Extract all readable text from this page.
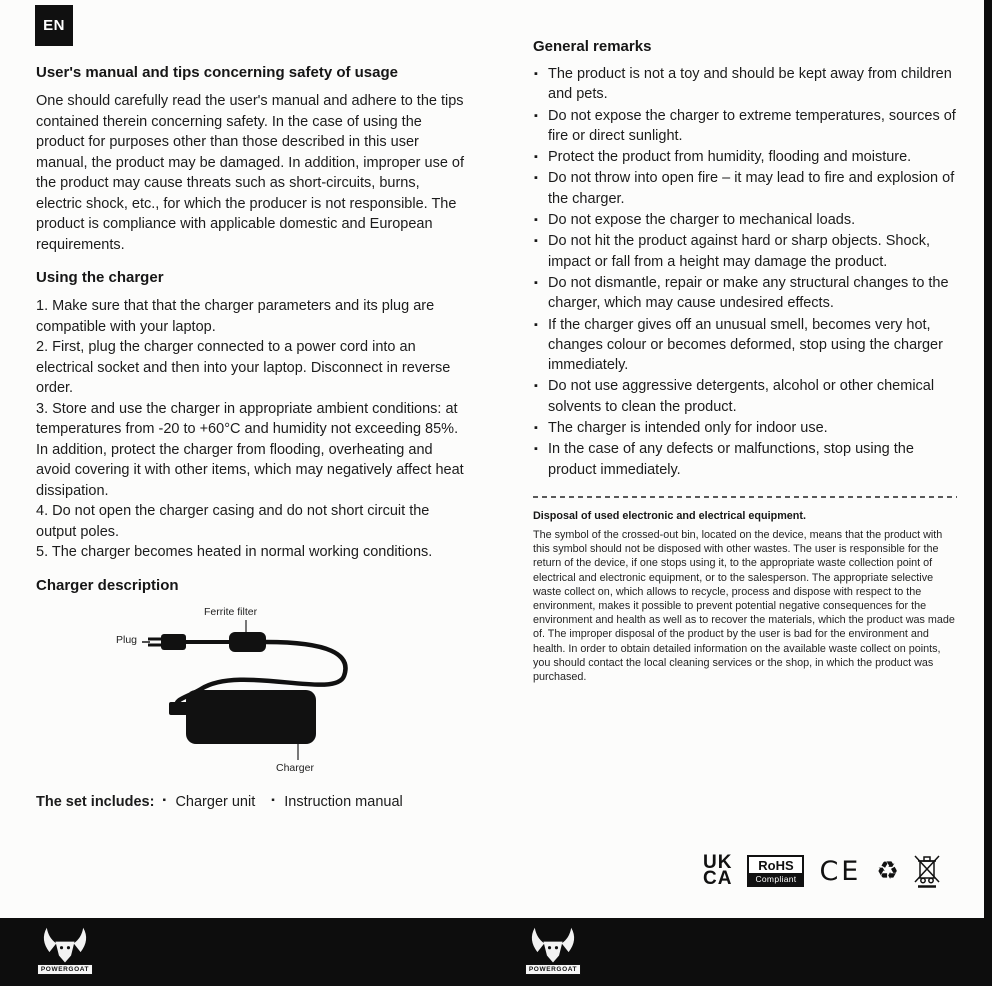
EN
User's manual and tips concerning safety of usage

One should carefully read the user's manual and adhere to the tips contained therein concerning safety. In the case of using the product for purposes other than those described in this user manual, the product may be damaged. In addition, improper use of the product may cause threats such as short-circuits, burns, electric shock, etc., for which the producer is not responsible. The product is compliance with applicable domestic and European requirements.

Using the charger

1. Make sure that that the charger parameters and its plug are compatible with your laptop.

2. First, plug the charger connected to a power cord into an electrical socket and then into your laptop. Disconnect in reverse order.

3. Store and use the charger in appropriate ambient conditions: at temperatures from -20 to +60°C and humidity not exceeding 85%. In addition, protect the charger from flooding, overheating and avoid covering it with other items, which may negatively affect heat dissipation.

4. Do not open the charger casing and do not short circuit the output poles.

5. The charger becomes heated in normal working conditions.

Charger description
Ferrite filter
Plug
Charger
The set includes:	▪ Charger unit	▪ Instruction manual
General remarks
▪ The product is not a toy and should be kept away from children and pets.
▪ Do not expose the charger to extreme temperatures, sources of fire or direct sunlight.
▪ Protect the product from humidity, flooding and moisture.
▪ Do not throw into open fire – it may lead to fire and explosion of the charger.
▪ Do not expose the charger to mechanical loads.
▪ Do not hit the product against hard or sharp objects. Shock, impact or fall from a height may damage the product.
▪ Do not dismantle, repair or make any structural changes to the charger, which may cause undesired effects.
▪ If the charger gives off an unusual smell, becomes very hot, changes colour or becomes deformed, stop using the charger immediately.
▪ Do not use aggressive detergents, alcohol or other chemical solvents to clean the product.
▪ The charger is intended only for indoor use.
▪ In the case of any defects or malfunctions, stop using the product immediately.
Disposal of used electronic and electrical equipment.

The symbol of the crossed-out bin, located on the device, means that the product with this symbol should not be disposed with other wastes. The user is responsible for the return of the device, if one stops using it, to the appropriate waste collection point of electrical and electronic equipment, or to the salesperson. The appropriate selective waste collect on, which allows to recycle, process and dispose with respect to the environment, makes it possible to prevent potential negative consequences for the environment and health as well as to recover the materials, which the product was made of. The improper disposal of the product by the user is bad for the environment and health. In order to obtain detailed information on the available waste collect on points, you should contact the local cleaning services or the shop, in which the product was purchased.

UK
CA
RoHS
Compliant CE ♻
POWERGOAT	POWERGOAT
